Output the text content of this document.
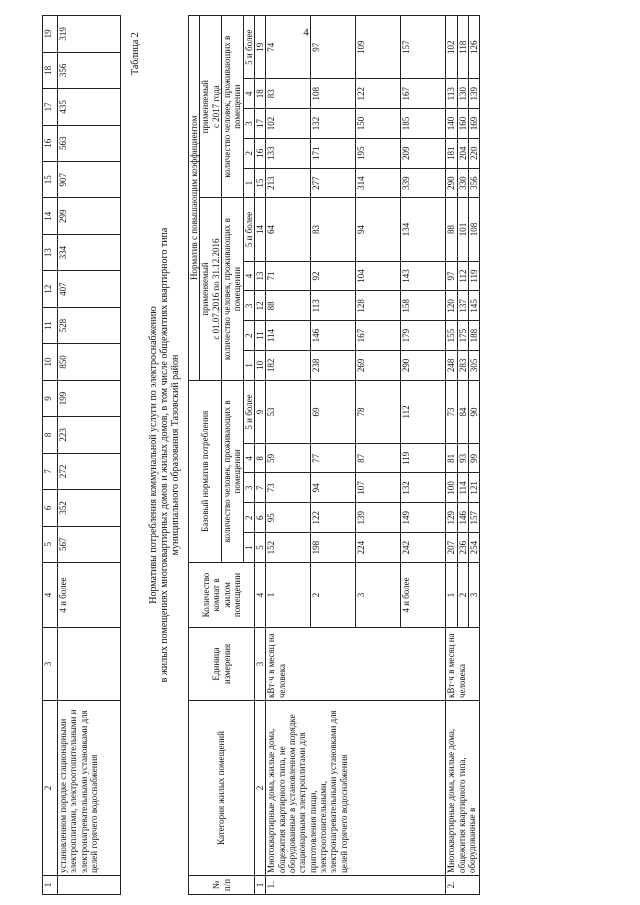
4
1	2	3	4	5	6	7	8	9	10	11	12	13	14	15	16	17	18	19
	установленном порядке стационарными электроплитами, электроотопительными и электронагревательными установками для целей горячего водоснабжения		4 и более	567	352	272	223	199	850	528	407	334	299	907	563	435	356	319	Таблица 2
Нормативы потребления коммунальной услуги по электроснабжению в жилых помещениях многоквартирных домов и жилых домов, в том числе общежитиях квартирного типа муниципального образования Тазовский район
№ п/п	Категория жилых помещений	Единица измерения	Количество комнат в жилом помещении	Базовый норматив потребления					Норматив с повышающим коэффициентом									
									применяемый
с 01.07.2016 по 31.12.2016					применяемый
с 2017 года				
				количество человек, проживающих в помещении					количество человек, проживающих в помещении					количество человек, проживающих в помещении				
				1	2	3	4	5 и более	1	2	3	4	5 и более	1	2	3	4	5 и более
1	2	3	4	5	6	7	8	9	10	11	12	13	14	15	16	17	18	19
1.	Многоквартирные дома, жилые дома, общежития квартирного типа, не оборудованные в установленном порядке стационарными электроплитами для приготовления пищи, электроотопительными, электронагревательными установками для целей горячего водоснабжения	кВт·ч в месяц на человека	1	152	95	73	59	53	182	114	88	71	64	213	133	102	83	74
			2	198	122	94	77	69	238	146	113	92	83	277	171	132	108	97
			3	224	139	107	87	78	269	167	128	104	94	314	195	150	122	109
			4 и более	242	149	132	119	112	290	179	158	143	134	339	209	185	167	157
2.	Многоквартирные дома, жилые дома, общежития квартирного типа, оборудованные в	кВт·ч в месяц на человека	1	207	129	100	81	73	248	155	120	97	88	290	181	140	113	102
			2	236	146	114	93	84	283	175	137	112	101	330	204	160	130	118
			3	254	157	121	99	90	305	188	145	119	108	356	220	169	139	126
